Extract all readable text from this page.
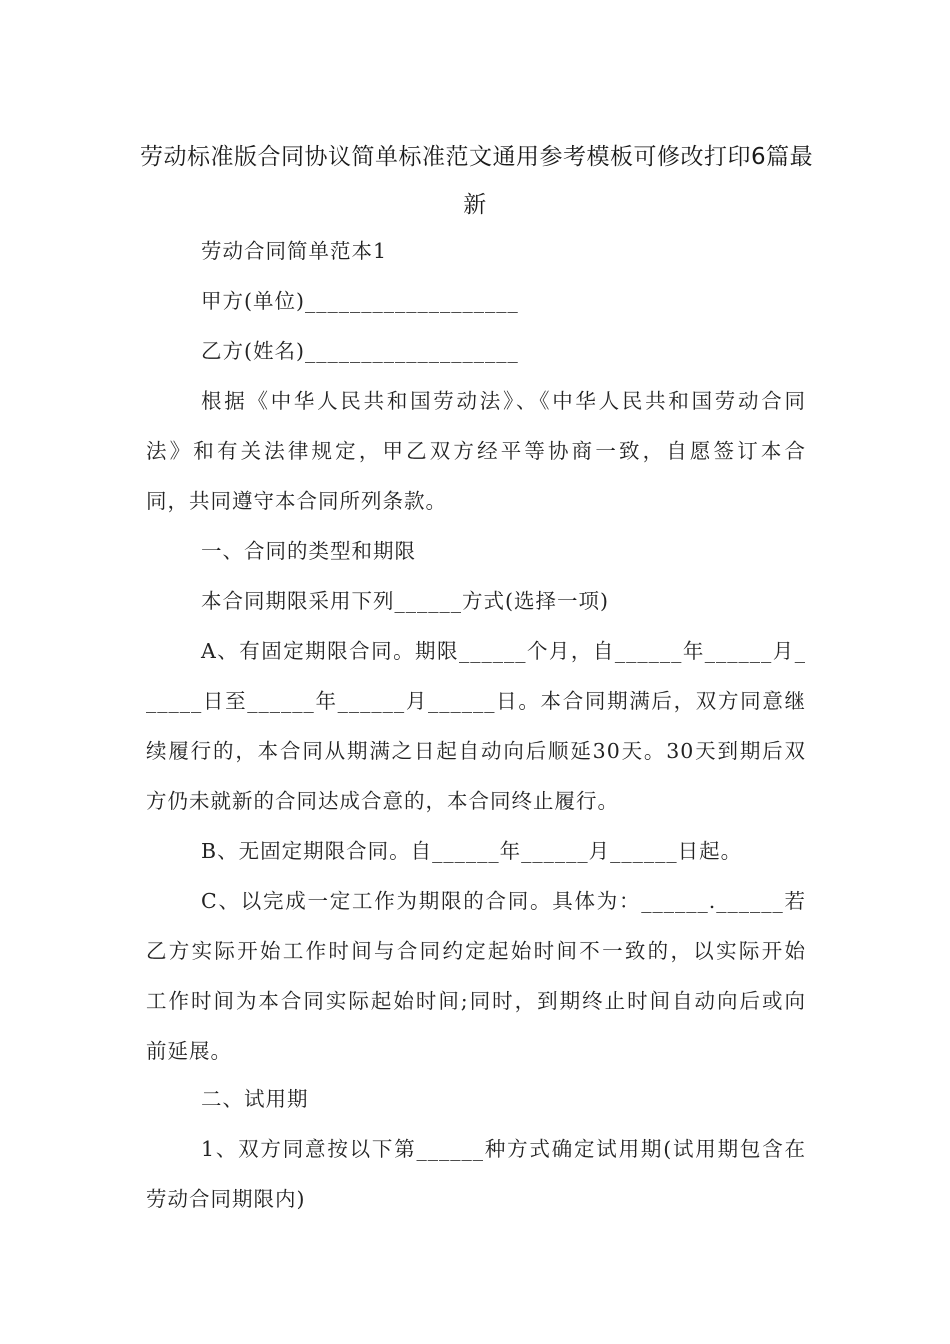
劳动标准版合同协议简单标准范文通用参考模板可修改打印6篇最
新
劳动合同简单范本1
甲方(单位)___________________
乙方(姓名)___________________
根据《中华人民共和国劳动法》、《中华人民共和国劳动合同
法》和有关法律规定，甲乙双方经平等协商一致，自愿签订本合
同，共同遵守本合同所列条款。
一、合同的类型和期限
本合同期限采用下列______方式(选择一项)
A、有固定期限合同。期限______个月，自______年______月_
_____日至______年______月______日。本合同期满后，双方同意继
续履行的，本合同从期满之日起自动向后顺延30天。30天到期后双
方仍未就新的合同达成合意的，本合同终止履行。
B、无固定期限合同。自______年______月______日起。
C、以完成一定工作为期限的合同。具体为：______.______若
乙方实际开始工作时间与合同约定起始时间不一致的，以实际开始
工作时间为本合同实际起始时间;同时，到期终止时间自动向后或向
前延展。
二、试用期
1、双方同意按以下第______种方式确定试用期(试用期包含在
劳动合同期限内)
